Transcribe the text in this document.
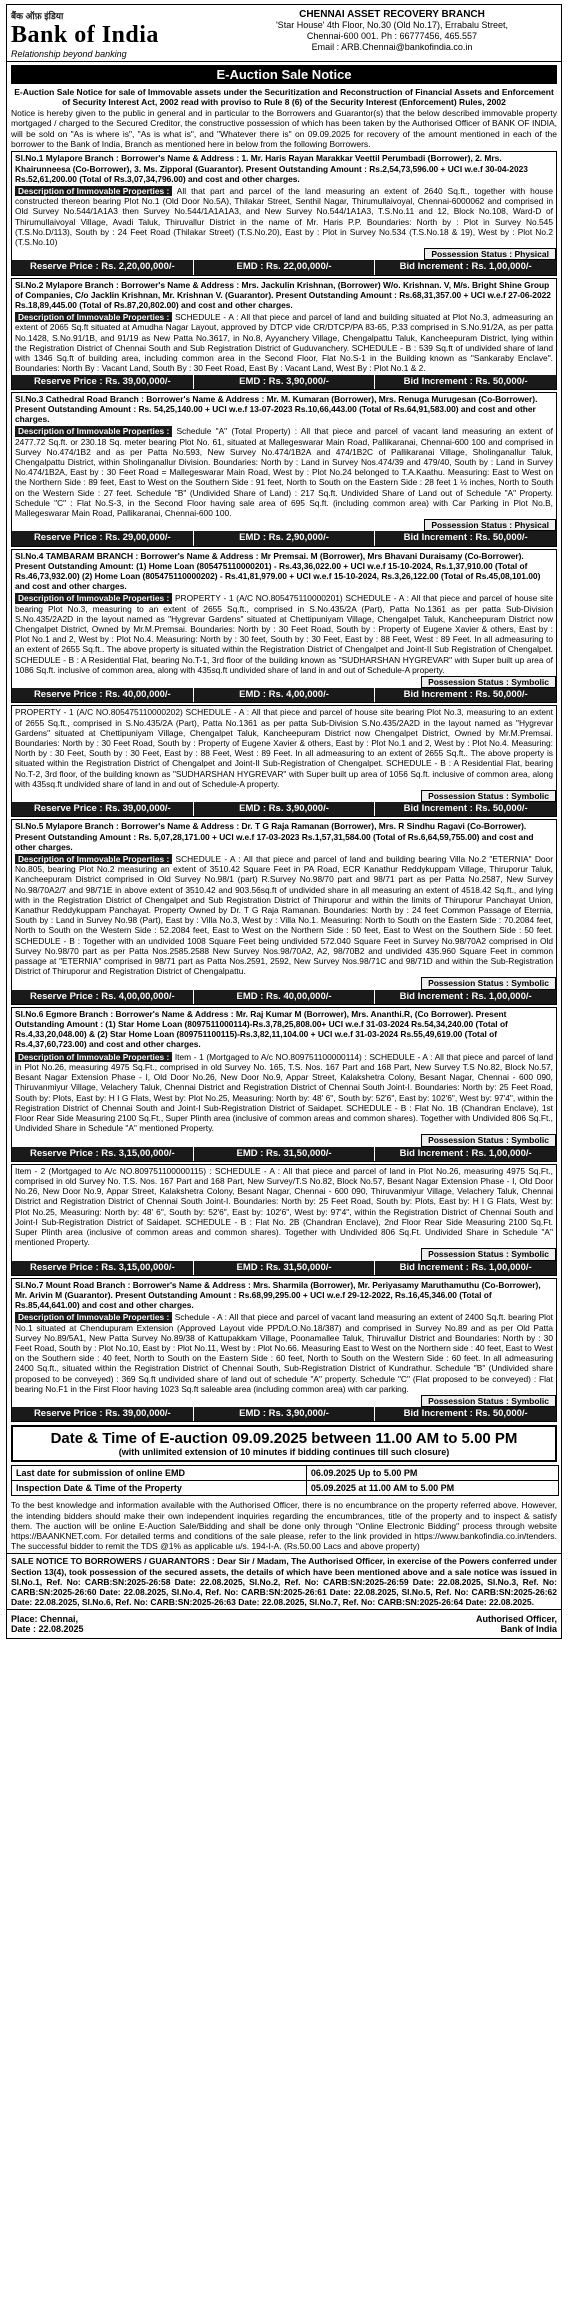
बैंक ऑफ़ इंडिया
Bank of India
Relationship beyond banking
CHENNAI ASSET RECOVERY BRANCH
'Star House' 4th Floor, No.30 (Old No.17), Errabalu Street,
Chennai-600 001. Ph : 66777456, 465.557
Email : ARB.Chennai@bankofindia.co.in
E-Auction Sale Notice
E-Auction Sale Notice for sale of Immovable assets under the Securitization and Reconstruction of Financial Assets and Enforcement of Security Interest Act, 2002 read with proviso to Rule 8 (6) of the Security Interest (Enforcement) Rules, 2002
Notice is hereby given to the public in general and in particular to the Borrowers and Guarantor(s) that the below described immovable property mortgaged / charged to the Secured Creditor, the constructive possession of which has been taken by the Authorised Officer of BANK OF INDIA, will be sold on "As is where is", "As is what is", and "Whatever there is" on 09.09.2025 for recovery of the amount mentioned in each of the borrower to the Bank of India, Branch as mentioned here in below from the following Borrowers.
Sl.No.1 Mylapore Branch : Borrower's Name & Address : 1. Mr. Haris Rayan Marakkar Veettil Perumbadi (Borrower), 2. Mrs. Khairunneesa (Co-Borrower), 3. Ms. Zipporal (Guarantor). Present Outstanding Amount : Rs.2,54,73,596.00 + UCI w.e.f 30-04-2023 Rs.52,61,200.00 (Total of Rs.3,07,34,796.00) and cost and other charges.
Description of Immovable Properties : All that part and parcel of the land measuring an extent of 2640 Sq.ft., together with house constructed thereon bearing Plot No.1 (Old Door No.5A), Thilakar Street, Senthil Nagar, Thirumullaivoyal, Chennai-6000062 and comprised in Old Survey No.544/1A1A3 then Survey No.544/1A1A1A3, and New Survey No.544/1A1A3, T.S.No.11 and 12, Block No.108, Ward-D of Thirumullaivoyal Village, Avadi Taluk, Thiruvallur District in the name of Mr. Haris P.P. Boundaries: North by : Plot in Survey No.545 (T.S.No.D/113), South by : 24 Feet Road (Thilakar Street) (T.S.No.20), East by : Plot in Survey No.534 (T.S.No.18 & 19), West by : Plot No.2 (T.S.No.10)
Possession Status : Physical
Reserve Price : Rs. 2,20,00,000/-	EMD : Rs. 22,00,000/-	Bid Increment : Rs. 1,00,000/-
Sl.No.2 Mylapore Branch : Borrower's Name & Address : Mrs. Jackulin Krishnan, (Borrower) W/o. Krishnan. V, M/s. Bright Shine Group of Companies, C/o Jacklin Krishnan, Mr. Krishnan V. (Guarantor). Present Outstanding Amount : Rs.68,31,357.00 + UCI w.e.f 27-06-2022 Rs.18,89,445.00 (Total of Rs.87,20,802.00) and cost and other charges.
Description of Immovable Properties : SCHEDULE - A : All that piece and parcel of land and building situated at Plot No.3, admeasuring an extent of 2065 Sq.ft situated at Amudha Nagar Layout, approved by DTCP vide CR/DTCP/PA 83-65, P.33 comprised in S.No.91/2A, as per patta No.1428, S.No.91/1B, and 91/19 as New Patta No.3617, in No.8, Ayyanchery Village, Chengalpattu Taluk, Kancheepuram District, lying within the Registration District of Chennai South and Sub Registration District of Guduvanchery. SCHEDULE - B : 539 Sq.ft of undivided share of land with 1346 Sq.ft of building area, including common area in the Second Floor, Flat No.S-1 in the Building known as "Sankaraby Enclave". Boundaries: North By : Vacant Land, South By : 30 Feet Road, East By : Vacant Land, West By : Plot No.1 & 2.
Reserve Price : Rs. 39,00,000/-	EMD : Rs. 3,90,000/-	Bid Increment : Rs. 50,000/-
Sl.No.3 Cathedral Road Branch : Borrower's Name & Address : Mr. M. Kumaran (Borrower), Mrs. Renuga Murugesan (Co-Borrower). Present Outstanding Amount : Rs. 54,25,140.00 + UCI w.e.f 13-07-2023 Rs.10,66,443.00 (Total of Rs.64,91,583.00) and cost and other charges.
Description of Immovable Properties : Schedule "A" (Total Property) : All that piece and parcel of vacant land measuring an extent of 2477.72 Sq.ft. or 230.18 Sq. meter bearing Plot No. 61, situated at Mallegeswarar Main Road, Pallikaranai, Chennai-600 100 and comprised in Survey No.474/1B2 and as per Patta No.593, New Survey No.474/1B2A and 474/1B2C of Pallikaranai Village, Sholinganallur Taluk, Chengalpattu District, within Sholinganallur Division. Boundaries: North by : Land in Survey Nos.474/39 and 479/40, South by : Land in Survey No.474/1B2A, East by : 30 Feet Road = Mallegeswarar Main Road, West by : Plot No.24 belonged to T.A.Kaathu. Measuring: East to West on the Northern Side : 89 feet, East to West on the Southern Side : 91 feet, North to South on the Eastern Side : 28 feet 1 ½ inches, North to South on the Western Side : 27 feet. Schedule "B" (Undivided Share of Land) : 217 Sq.ft. Undivided Share of Land out of Schedule "A" Property. Schedule "C" : Flat No.S-3, in the Second Floor having sale area of 695 Sq.ft. (including common area) with Car Parking in Plot No.B, Mallegeswarar Main Road, Pallikaranai, Chennai-600 100.
Possession Status : Physical
Reserve Price : Rs. 29,00,000/-	EMD : Rs. 2,90,000/-	Bid Increment : Rs. 50,000/-
Sl.No.4 TAMBARAM BRANCH : Borrower's Name & Address : Mr Premsai. M (Borrower), Mrs Bhavani Duraisamy (Co-Borrower). Present Outstanding Amount: (1) Home Loan (805475110000201) - Rs.43,36,022.00 + UCI w.e.f 15-10-2024, Rs.1,37,910.00 (Total of Rs.46,73,932.00) (2) Home Loan (805475110000202) - Rs.41,81,979.00 + UCI w.e.f 15-10-2024, Rs.3,26,122.00 (Total of Rs.45,08,101.00) and cost and other charges.
Description of Immovable Properties : PROPERTY - 1 (A/C NO.805475110000201) SCHEDULE - A : All that piece and parcel of house site bearing Plot No.3, measuring to an extent of 2655 Sq.ft., comprised in S.No.435/2A (Part), Patta No.1361 as per patta Sub-Division S.No.435/2A2D in the layout named as "Hygrevar Gardens" situated at Chettipuniyam Village, Chengalpet Taluk, Kancheepuram District now Chengalpet District, Owned by Mr.M.Premsai. Boundaries: North by : 30 Feet Road, South by : Property of Eugene Xavier & others, East by : Plot No.1 and 2, West by : Plot No.4. Measuring: North by : 30 feet, South by : 30 Feet, East by : 88 Feet, West : 89 Feet. In all admeasuring to an extent of 2655 Sq.ft.. The above property is situated within the Registration District of Chengalpet and Joint-II Sub Registration of Chengalpet. SCHEDULE - B : A Residential Flat, bearing No.T-1, 3rd floor of the building known as "SUDHARSHAN HYGREVAR" with Super built up area of 1086 Sq.ft. inclusive of common area, along with 435sq.ft undivided share of land in and out of Schedule-A property.
Possession Status : Symbolic
Reserve Price : Rs. 40,00,000/-	EMD : Rs. 4,00,000/-	Bid Increment : Rs. 50,000/-
PROPERTY - 1 (A/C NO.805475110000202) SCHEDULE - A : All that piece and parcel of house site bearing Plot No.3, measuring to an extent of 2655 Sq.ft., comprised in S.No.435/2A (Part), Patta No.1361 as per patta Sub-Division S.No.435/2A2D in the layout named as "Hygrevar Gardens" situated at Chettipuniyam Village, Chengalpet Taluk, Kancheepuram District now Chengalpet District, Owned by Mr.M.Premsai. Boundaries: North by : 30 Feet Road, South by : Property of Eugene Xavier & others, East by : Plot No.1 and 2, West by : Plot No.4. Measuring: North by : 30 Feet, South by : 30 Feet, East by : 88 Feet, West : 89 Feet. In all admeasuring to an extent of 2655 Sq.ft.. The above property is situated within the Registration District of Chengalpet and Joint-II Sub-Registration of Chengalpet. SCHEDULE - B : A Residential Flat, bearing No.T-2, 3rd floor, of the building known as "SUDHARSHAN HYGREVAR" with Super built up area of 1056 Sq.ft. inclusive of common area, along with 435sq.ft undivided share of land in and out of Schedule-A property.
Possession Status : Symbolic
Reserve Price : Rs. 39,00,000/-	EMD : Rs. 3,90,000/-	Bid Increment : Rs. 50,000/-
Sl.No.5 Mylapore Branch : Borrower's Name & Address : Dr. T G Raja Ramanan (Borrower), Mrs. R Sindhu Ragavi (Co-Borrower). Present Outstanding Amount : Rs. 5,07,28,171.00 + UCI w.e.f 17-03-2023 Rs.1,57,31,584.00 (Total of Rs.6,64,59,755.00) and cost and other charges.
Description of Immovable Properties : SCHEDULE - A : All that piece and parcel of land and building bearing Villa No.2 "ETERNIA" Door No.805, bearing Plot No.2 measuring an extent of 3510.42 Square Feet in PA Road, ECR Kanathur Reddykuppam Village, Thiruporur Taluk, Kancheepuram District comprised in Old Survey No.98/1 (part) R.Survey No.98/70 part and 98/71 part as per Patta No.2587, New Survey No.98/70A2/7 and 98/71E in above extent of 3510.42 and 903.56sq.ft of undivided share in all measuring an extent of 4518.42 Sq.ft., and lying with in the Registration District of Chengalpet and Sub Registration District of Thiruporur and within the limits of Thiruporur Panchayat Union, Kanathur Reddykuppam Panchayat. Property Owned by Dr. T G Raja Ramanan. Boundaries: North by : 24 feet Common Passage of Eternia, South by : Land in Survey No.98 (Part), East by : Villa No.3, West by : Villa No.1. Measuring: North to South on the Eastern Side : 70.2084 feet, North to South on the Western Side : 52.2084 feet, East to West on the Northern Side : 50 feet, East to West on the Southern Side : 50 feet. SCHEDULE - B : Together with an undivided 1008 Square Feet being undivided 572.040 Square Feet in Survey No.98/70A2 comprised in Old Survey No.98/70 part as per Patta Nos.2585.2588 New Survey Nos.98/70A2, A2, 98/70B2 and undivided 435.960 Square Feet in common passage at "ETERNIA" comprised in 98/71 part as Patta Nos.2591, 2592, New Survey Nos.98/71C and 98/71D and within the Sub-Registration District of Thiruporur and Registration District of Chengalpattu.
Possession Status : Symbolic
Reserve Price : Rs. 4,00,00,000/-	EMD : Rs. 40,00,000/-	Bid Increment : Rs. 1,00,000/-
Sl.No.6 Egmore Branch : Borrower's Name & Address : Mr. Raj Kumar M (Borrower), Mrs. Ananthi.R, (Co Borrower). Present Outstanding Amount : (1) Star Home Loan (8097511000114)-Rs.3,78,25,808.00+ UCI w.e.f 31-03-2024 Rs.54,34,240.00 (Total of Rs.4,33,20,048.00) & (2) Star Home Loan (809751100115)-Rs.3,82,11,104.00 + UCI w.e.f 31-03-2024 Rs.55,49,619.00 (Total of Rs.4,37,60,723.00) and cost and other charges.
Description of Immovable Properties : Item - 1 (Mortgaged to A/c NO.809751100000114) : SCHEDULE - A : All that piece and parcel of land in Plot No.26, measuring 4975 Sq.Ft., comprised in old Survey No. 165, T.S. Nos. 167 Part and 168 Part, New Survey T.S No.82, Block No.57, Besant Nagar Extension Phase - I, Old Door No.26, New Door No.9, Appar Street, Kalakshetra Colony, Besant Nagar, Chennai - 600 090, Thiruvanmiyur Village, Velachery Taluk, Chennai District and Registration District of Chennai South Joint-I. Boundaries: North by: 25 Feet Road, South by: Plots, East by: H I G Flats, West by: Plot No.25, Measuring: North by: 48' 6", South by: 52'6", East by: 102'6", West by: 97'4", within the Registration District of Chennai South and Joint-I Sub-Registration District of Saidapet. SCHEDULE - B : Flat No. 1B (Chandran Enclave), 1st Floor Rear Side Measuring 2100 Sq.Ft., Super Plinth area (inclusive of common areas and common shares). Together with Undivided 806 Sq.Ft., Undivided Share in Schedule "A" mentioned Property.
Possession Status : Symbolic
Reserve Price : Rs. 3,15,00,000/-	EMD : Rs. 31,50,000/-	Bid Increment : Rs. 1,00,000/-
Item - 2 (Mortgaged to A/c NO.809751100000115) : SCHEDULE - A : All that piece and parcel of land in Plot No.26, measuring 4975 Sq.Ft., comprised in old Survey No. T.S. Nos. 167 Part and 168 Part, New Survey/T.S No.82, Block No.57, Besant Nagar Extension Phase - I, Old Door No.26, New Door No.9, Appar Street, Kalakshetra Colony, Besant Nagar, Chennai - 600 090, Thiruvanmiyur Village, Velachery Taluk, Chennai District and Registration District of Chennai South Joint-I. Boundaries: North by: 25 Feet Road, South by: Plots, East by: H I G Flats, West by: Plot No.25, Measuring: North by: 48' 6", South by: 52'6", East by: 102'6", West by: 97'4", within the Registration District of Chennai South and Joint-I Sub-Registration District of Saidapet. SCHEDULE - B : Flat No. 2B (Chandran Enclave), 2nd Floor Rear Side Measuring 2100 Sq.Ft. Super Plinth area (inclusive of common areas and common shares). Together with Undivided 806 Sq.Ft. Undivided Share in Schedule "A" mentioned Property.
Possession Status : Symbolic
Reserve Price : Rs. 3,15,00,000/-	EMD : Rs. 31,50,000/-	Bid Increment : Rs. 1,00,000/-
Sl.No.7 Mount Road Branch : Borrower's Name & Address : Mrs. Sharmila (Borrower), Mr. Periyasamy Maruthamuthu (Co-Borrower), Mr. Arivin M (Guarantor). Present Outstanding Amount : Rs.68,99,295.00 + UCI w.e.f 29-12-2022, Rs.16,45,346.00 (Total of Rs.85,44,641.00) and cost and other charges.
Description of Immovable Properties : Schedule - A : All that piece and parcel of vacant land measuring an extent of 2400 Sq.ft. bearing Plot No.1 situated at Chendupuram Extension (Approved Layout vide PPD/LO.No.18/387) and comprised in Survey No.89 and as per Old Patta Survey No.89/5A1, New Patta Survey No.89/38 of Kattupakkam Village, Poonamallee Taluk, Thiruvallur District and Boundaries: North by : 30 Feet Road, South by : Plot No.10, East by : Plot No.11, West by : Plot No.66. Measuring East to West on the Northern side : 40 feet, East to West on the Southern side : 40 feet, North to South on the Eastern Side : 60 feet, North to South on the Western Side : 60 feet. In all admeasuring 2400 Sq.ft., situated within the Registration District of Chennai South, Sub-Registration District of Kundrathur. Schedule "B" (Undivided share proposed to be conveyed) : 369 Sq.ft undivided share of land out of schedule "A" property. Schedule "C" (Flat proposed to be conveyed) : Flat bearing No.F1 in the First Floor having 1023 Sq.ft saleable area (including common area) with car parking.
Possession Status : Symbolic
Reserve Price : Rs. 39,00,000/-	EMD : Rs. 3,90,000/-	Bid Increment : Rs. 50,000/-
Date & Time of E-auction 09.09.2025 between 11.00 AM to 5.00 PM
(with unlimited extension of 10 minutes if bidding continues till such closure)
Last date for submission of online EMD	06.09.2025 Up to 5.00 PM
Inspection Date & Time of the Property	05.09.2025 at 11.00 AM to 5.00 PM
To the best knowledge and information available with the Authorised Officer, there is no encumbrance on the property referred above. However, the intending bidders should make their own independent inquiries regarding the encumbrances, title of the property and to inspect & satisfy them. The auction will be online E-Auction Sale/Bidding and shall be done only through "Online Electronic Bidding" process through website https://BAANKNET.com. For detailed terms and conditions of the sale please, refer to the link provided in https://www.bankofindia.co.in/tenders. The successful bidder to remit the TDS @1% as applicable u/s. 194-I-A. (Rs.50.00 Lacs and above property)
SALE NOTICE TO BORROWERS / GUARANTORS : Dear Sir / Madam, The Authorised Officer, in exercise of the Powers conferred under Section 13(4), took possession of the secured assets, the details of which have been mentioned above and a sale notice was issued in Sl.No.1, Ref. No: CARB:SN:2025-26:58 Date: 22.08.2025, Sl.No.2, Ref. No: CARB:SN:2025-26:59 Date: 22.08.2025, Sl.No.3, Ref. No: CARB:SN:2025-26:60 Date: 22.08.2025, Sl.No.4, Ref. No: CARB:SN:2025-26:61 Date: 22.08.2025, Sl.No.5, Ref. No: CARB:SN:2025-26:62 Date: 22.08.2025, Sl.No.6, Ref. No: CARB:SN:2025-26:63 Date: 22.08.2025, Sl.No.7, Ref. No: CARB:SN:2025-26:64 Date: 22.08.2025.
Place: Chennai,
Date : 22.08.2025
Authorised Officer,
Bank of India
